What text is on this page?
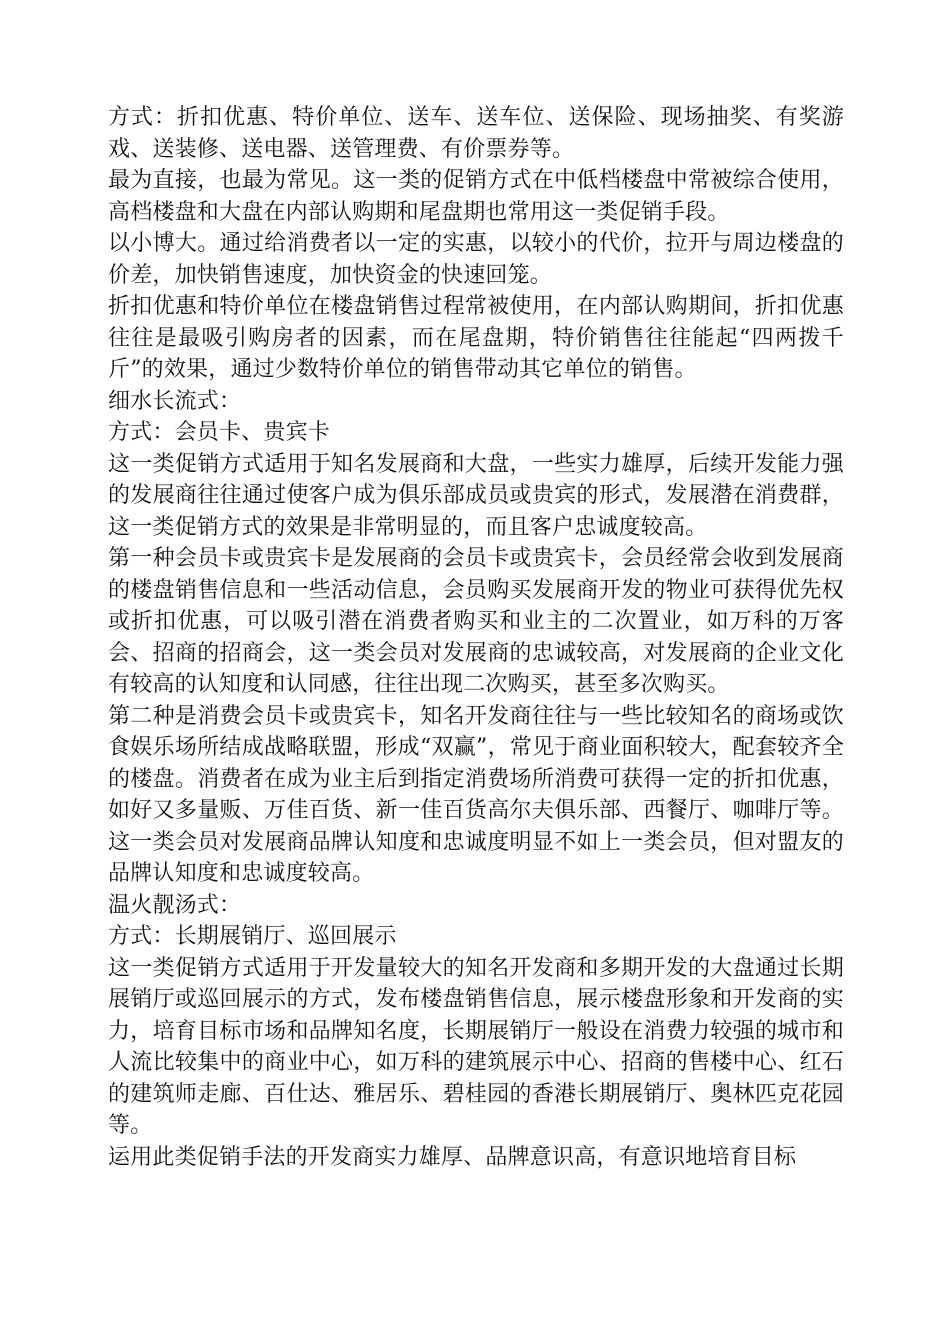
方式：折扣优惠、特价单位、送车、送车位、送保险、现场抽奖、有奖游戏、送装修、送电器、送管理费、有价票券等。

最为直接，也最为常见。这一类的促销方式在中低档楼盘中常被综合使用，高档楼盘和大盘在内部认购期和尾盘期也常用这一类促销手段。

以小博大。通过给消费者以一定的实惠，以较小的代价，拉开与周边楼盘的价差，加快销售速度，加快资金的快速回笼。

折扣优惠和特价单位在楼盘销售过程常被使用，在内部认购期间，折扣优惠往往是最吸引购房者的因素，而在尾盘期，特价销售往往能起“四两拨千斤”的效果，通过少数特价单位的销售带动其它单位的销售。

细水长流式：

方式：会员卡、贵宾卡

这一类促销方式适用于知名发展商和大盘，一些实力雄厚，后续开发能力强的发展商往往通过使客户成为俱乐部成员或贵宾的形式，发展潜在消费群，这一类促销方式的效果是非常明显的，而且客户忠诚度较高。

第一种会员卡或贵宾卡是发展商的会员卡或贵宾卡，会员经常会收到发展商的楼盘销售信息和一些活动信息，会员购买发展商开发的物业可获得优先权或折扣优惠，可以吸引潜在消费者购买和业主的二次置业，如万科的万客会、招商的招商会，这一类会员对发展商的忠诚较高，对发展商的企业文化有较高的认知度和认同感，往往出现二次购买，甚至多次购买。

第二种是消费会员卡或贵宾卡，知名开发商往往与一些比较知名的商场或饮食娱乐场所结成战略联盟，形成“双赢”，常见于商业面积较大，配套较齐全的楼盘。消费者在成为业主后到指定消费场所消费可获得一定的折扣优惠，如好又多量贩、万佳百货、新一佳百货高尔夫俱乐部、西餐厅、咖啡厅等。这一类会员对发展商品牌认知度和忠诚度明显不如上一类会员，但对盟友的品牌认知度和忠诚度较高。

温火靓汤式：

方式：长期展销厅、巡回展示

这一类促销方式适用于开发量较大的知名开发商和多期开发的大盘通过长期展销厅或巡回展示的方式，发布楼盘销售信息，展示楼盘形象和开发商的实力，培育目标市场和品牌知名度，长期展销厅一般设在消费力较强的城市和人流比较集中的商业中心，如万科的建筑展示中心、招商的售楼中心、红石的建筑师走廊、百仕达、雅居乐、碧桂园的香港长期展销厅、奥林匹克花园等。

运用此类促销手法的开发商实力雄厚、品牌意识高，有意识地培育目标
